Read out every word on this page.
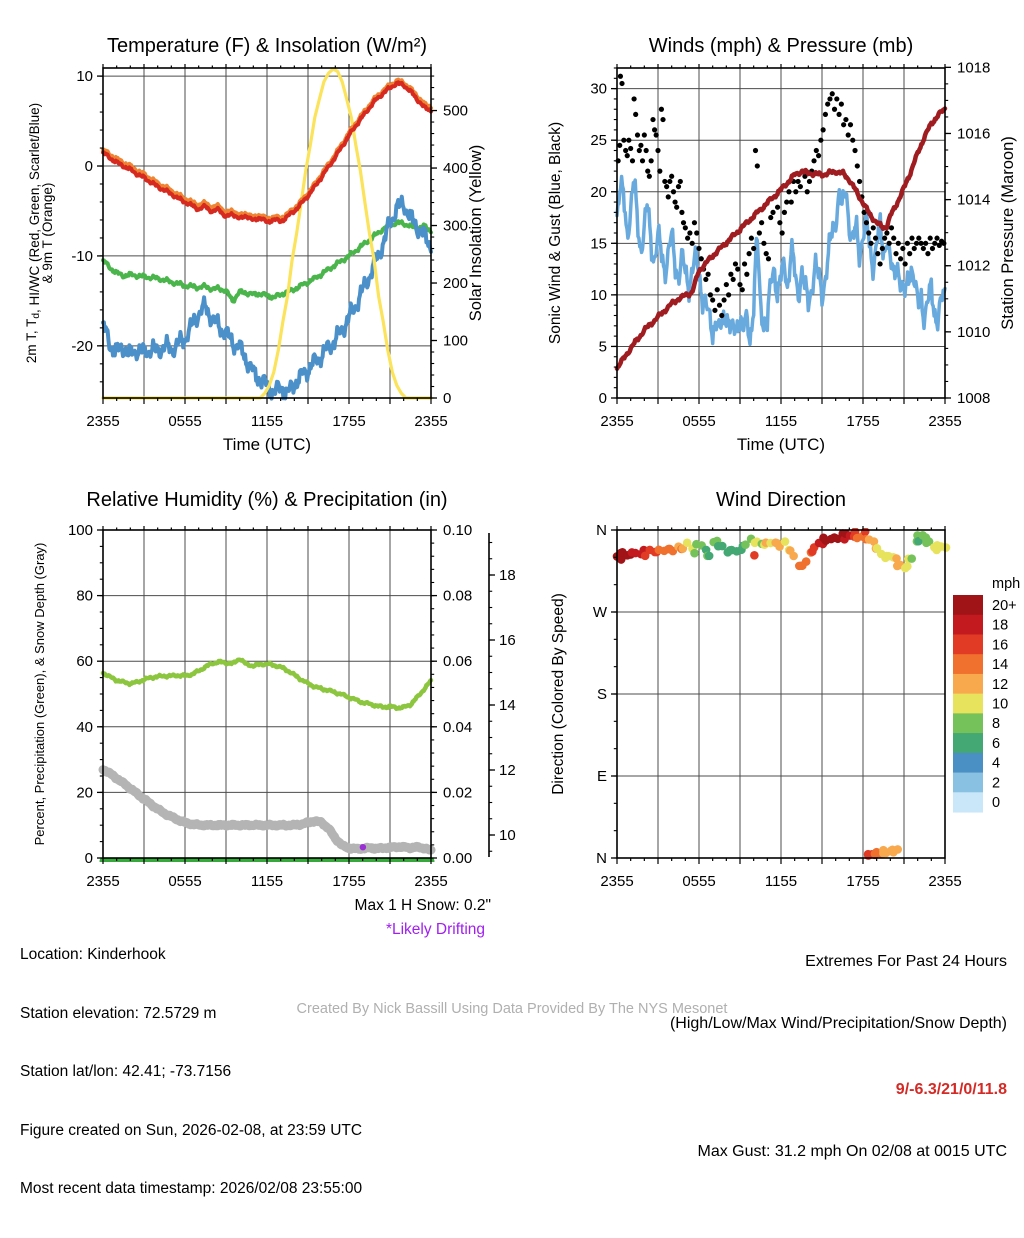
2355	0555	1155	1755	2355
Time (UTC)
10
0
-10
-20
0
100
200
300
400
500
2m T, $T_d$, HI/WC (Red, Green, Scarlet/Blue)
& 9m T (Orange)	Solar Insolation (Yellow)
Temperature (F) & Insolation (W/m²)
2355	0555	1155	1755	2355
Time (UTC)
0
5
10
15
20
25
30
1008
1010
1012
1014
1016
1018
Sonic Wind & Gust (Blue, Black)	Station Pressure (Maroon)
Winds (mph) & Pressure (mb)
2355	0555	1155	1755	2355
100
80
60
40
20
0
0.10
0.08
0.06
0.04
0.02
0.00
Percent, Precipitation (Green), & Snow Depth (Gray)
Relative Humidity (%) & Precipitation (in)
18
16
14
12
10
2355	0555	1155	1755	2355
N
W
S
E
N
Direction (Colored By Speed)
Wind Direction
mph
20+
18
16
14
12
10
8
6
4
2
0

Location: Kinderhook

Station elevation: 72.5729 m

Station lat/lon: 42.41; -73.7156

Figure created on Sun, 2026-02-08, at 23:59 UTC

Most recent data timestamp: 2026/02/08 23:55:00

Max 1 H Snow: 0.2"
*Likely Drifting

Extremes For Past 24 Hours

(High/Low/Max Wind/Precipitation/Snow Depth)

9/-6.3/21/0/11.8

Max Gust: 31.2 mph On 02/08 at 0015 UTC

Created By Nick Bassill Using Data Provided By The NYS Mesonet
